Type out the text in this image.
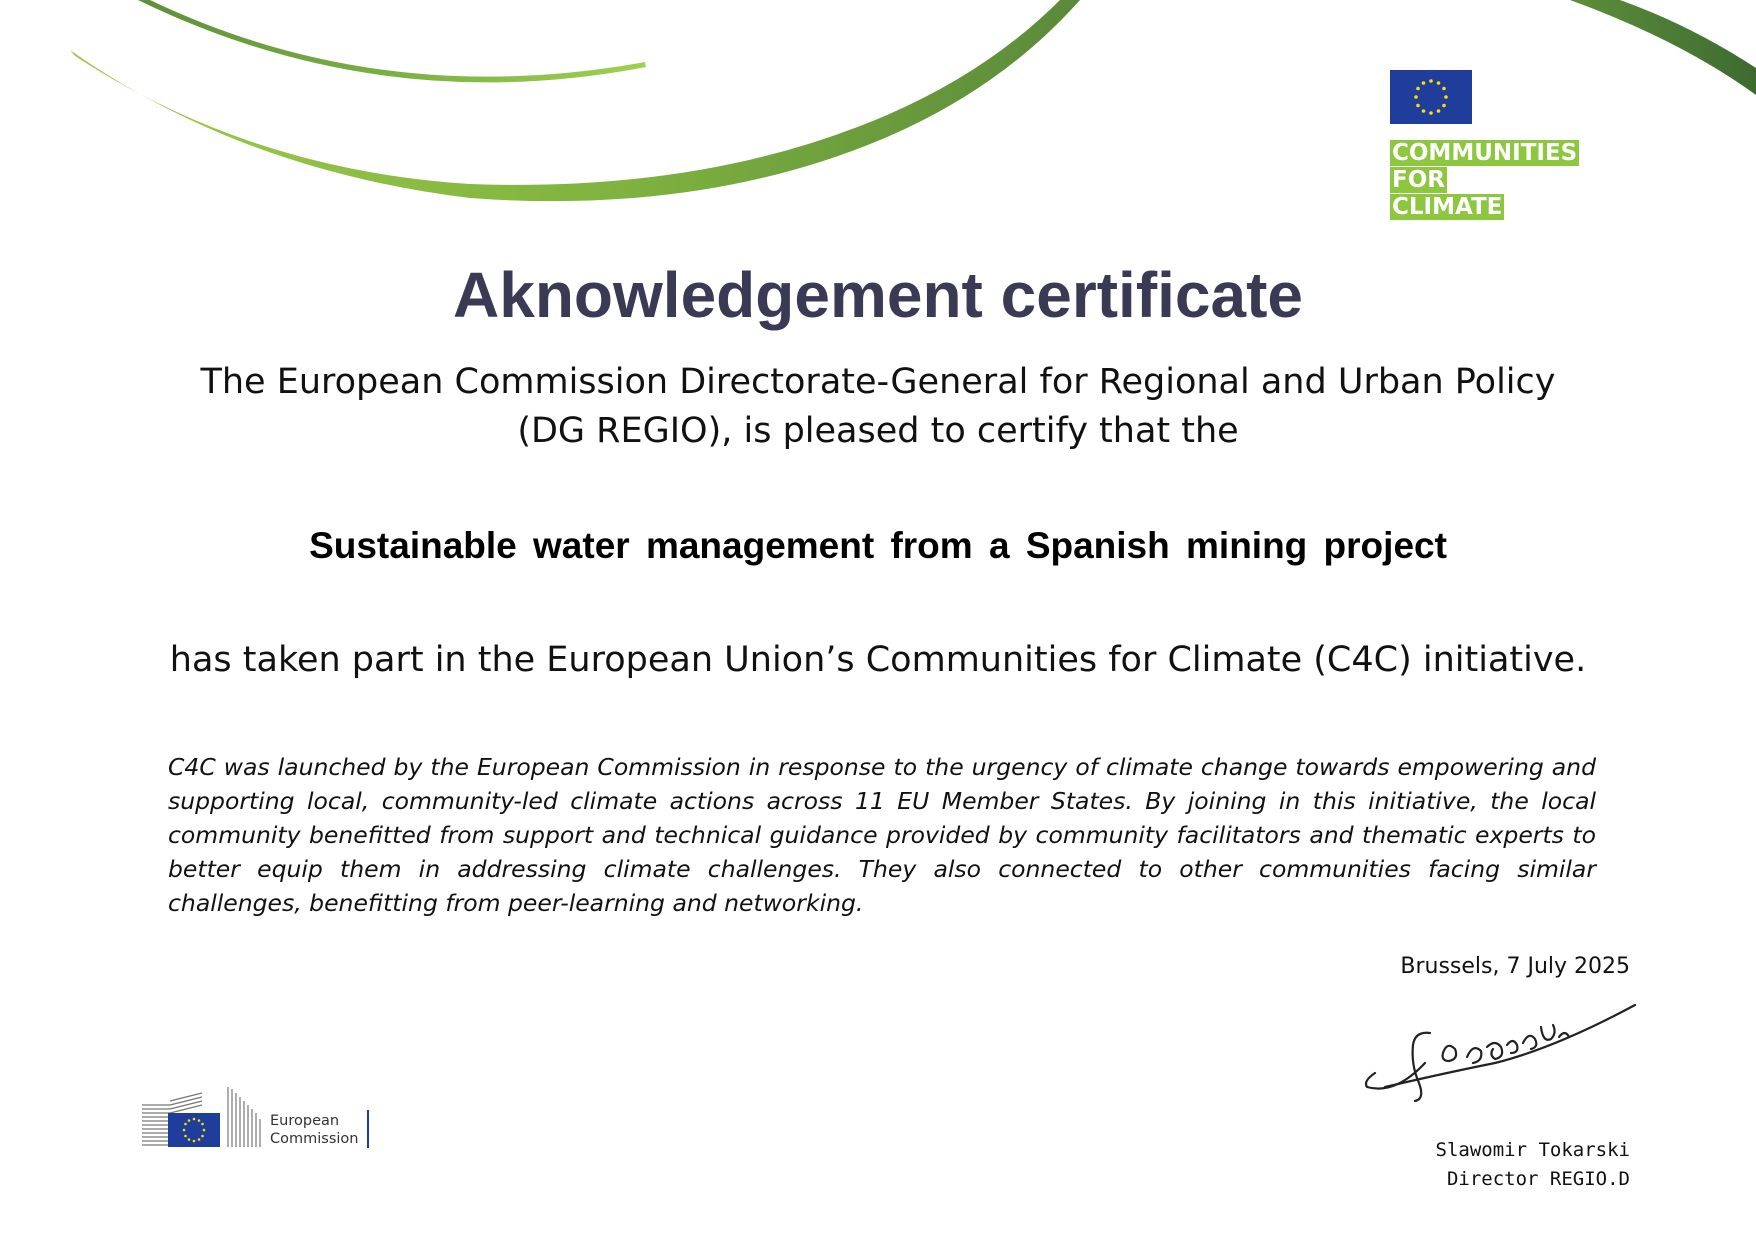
COMMUNITIES
FOR
CLIMATE
Aknowledgement certificate
The European Commission Directorate-General for Regional and Urban Policy
(DG REGIO), is pleased to certify that the
Sustainable water management from a Spanish mining project
has taken part in the European Union’s Communities for Climate (C4C) initiative.
C4C was launched by the European Commission in response to the urgency of climate change towards empowering and supporting local, community-led climate actions across 11 EU Member States. By joining in this initiative, the local community benefitted from support and technical guidance provided by community facilitators and thematic experts to better equip them in addressing climate challenges. They also connected to other communities facing similar challenges, benefitting from peer-learning and networking.
Brussels, 7 July 2025
Slawomir Tokarski
Director REGIO.D
European
Commission
